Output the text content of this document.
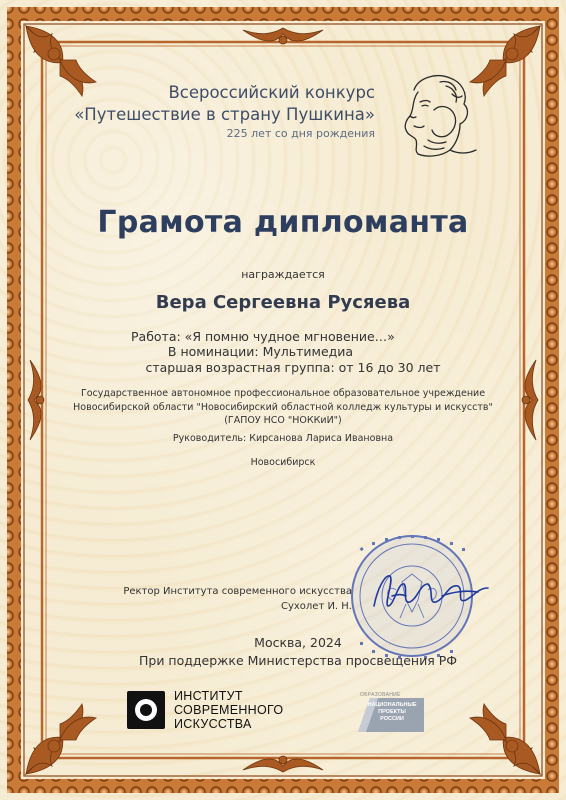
Всероссийский конкурс
«Путешествие в страну Пушкина»
225 лет со дня рождения
Грамота дипломанта
награждается
Вера Сергеевна Русяева
Работа: «Я помню чудное мгновение…»
В номинации: Мультимедиа
старшая возрастная группа: от 16 до 30 лет
Государственное автономное профессиональное образовательное учреждение Новосибирской области "Новосибирский областной колледж культуры и искусств" (ГАПОУ НСО "НОККиИ")
Руководитель: Кирсанова Лариса Ивановна
Новосибирск
Ректор Института современного искусства
Сухолет И. Н.
Москва, 2024
При поддержке Министерства просвещения РФ
ИНСТИТУТ
СОВРЕМЕННОГО
ИСКУССТВА
ОБРАЗОВАНИЕ
НАЦИОНАЛЬНЫЕ
ПРОЕКТЫ
РОССИИ
